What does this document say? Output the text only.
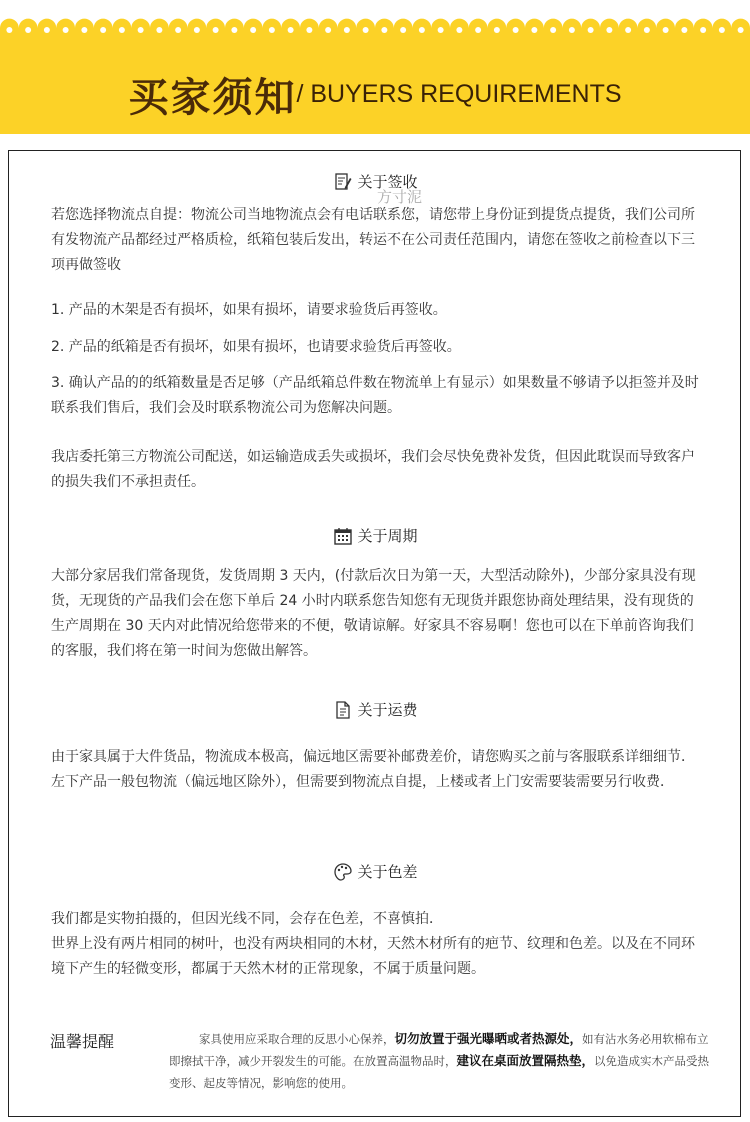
买家须知/ BUYERS REQUIREMENTS
方寸泥
关于签收
若您选择物流点自提：物流公司当地物流点会有电话联系您，请您带上身份证到提货点提货，我们公司所有发物流产品都经过严格质检，纸箱包装后发出，转运不在公司责任范围内，请您在签收之前检查以下三项再做签收
1. 产品的木架是否有损坏，如果有损坏，请要求验货后再签收。
2. 产品的纸箱是否有损坏，如果有损坏，也请要求验货后再签收。
3. 确认产品的的纸箱数量是否足够（产品纸箱总件数在物流单上有显示）如果数量不够请予以拒签并及时联系我们售后，我们会及时联系物流公司为您解决问题。
我店委托第三方物流公司配送，如运输造成丢失或损坏，我们会尽快免费补发货，但因此耽误而导致客户的损失我们不承担责任。
关于周期
大部分家居我们常备现货，发货周期 3 天内，(付款后次日为第一天，大型活动除外)，少部分家具没有现货，无现货的产品我们会在您下单后 24 小时内联系您告知您有无现货并跟您协商处理结果，没有现货的生产周期在 30 天内对此情况给您带来的不便，敬请谅解。好家具不容易啊！您也可以在下单前咨询我们的客服，我们将在第一时间为您做出解答。
关于运费
由于家具属于大件货品，物流成本极高，偏远地区需要补邮费差价，请您购买之前与客服联系详细细节．左下产品一般包物流（偏远地区除外），但需要到物流点自提，上楼或者上门安需要装需要另行收费．
关于色差
我们都是实物拍摄的，但因光线不同，会存在色差，不喜慎拍．
世界上没有两片相同的树叶，也没有两块相同的木材，天然木材所有的疤节、纹理和色差。以及在不同环境下产生的轻微变形，都属于天然木材的正常现象，不属于质量问题。
温馨提醒	家具使用应采取合理的反思小心保养，切勿放置于强光曝晒或者热源处，如有沾水务必用软棉布立即擦拭干净，减少开裂发生的可能。在放置高温物品时，建议在桌面放置隔热垫，以免造成实木产品受热变形、起皮等情况，影响您的使用。
